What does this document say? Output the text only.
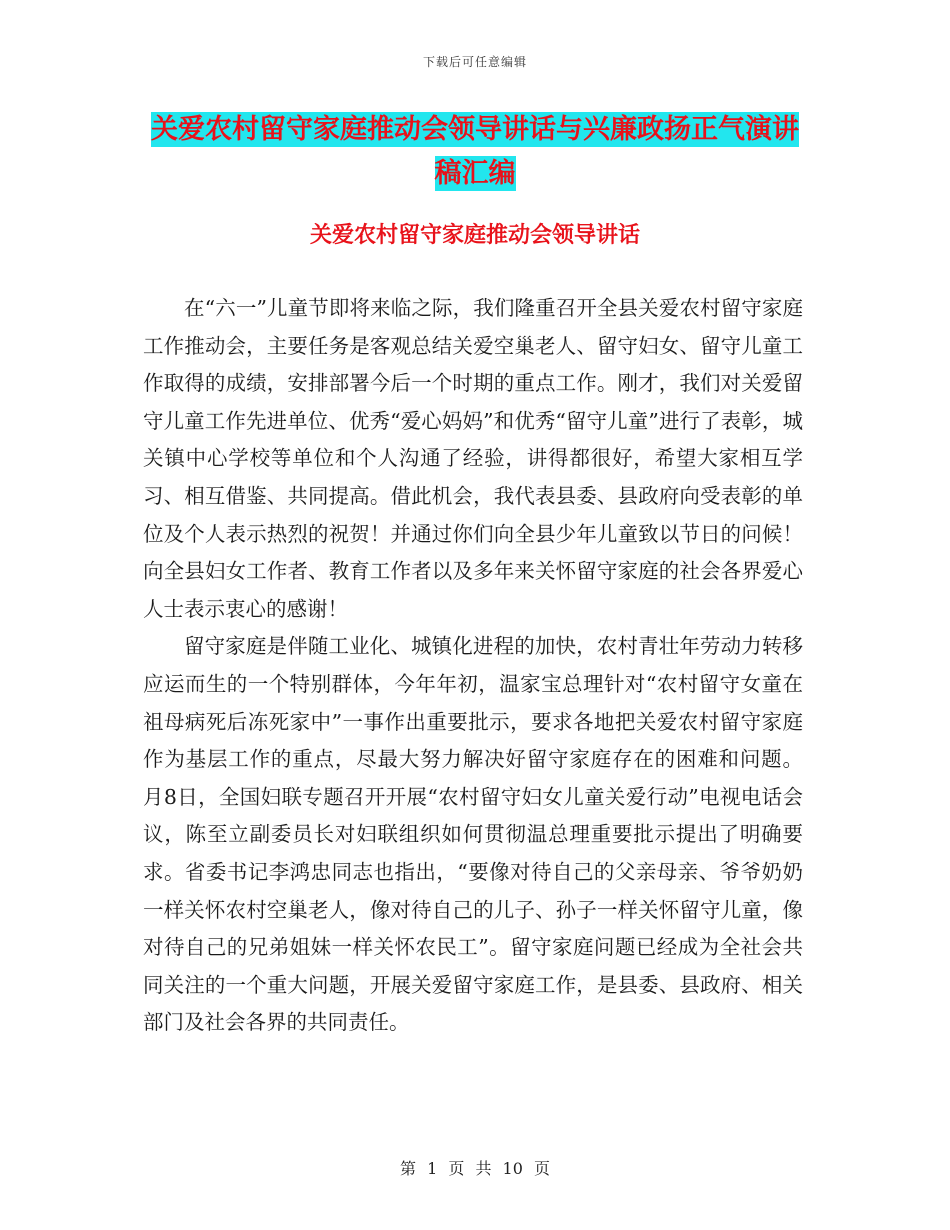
下载后可任意编辑
关爱农村留守家庭推动会领导讲话与兴廉政扬正气演讲稿汇编
关爱农村留守家庭推动会领导讲话

在“六一”儿童节即将来临之际，我们隆重召开全县关爱农村留守家庭工作推动会，主要任务是客观总结关爱空巢老人、留守妇女、留守儿童工作取得的成绩，安排部署今后一个时期的重点工作。刚才，我们对关爱留守儿童工作先进单位、优秀“爱心妈妈”和优秀“留守儿童”进行了表彰，城关镇中心学校等单位和个人沟通了经验，讲得都很好，希望大家相互学习、相互借鉴、共同提高。借此机会，我代表县委、县政府向受表彰的单位及个人表示热烈的祝贺！并通过你们向全县少年儿童致以节日的问候！向全县妇女工作者、教育工作者以及多年来关怀留守家庭的社会各界爱心人士表示衷心的感谢！

留守家庭是伴随工业化、城镇化进程的加快，农村青壮年劳动力转移应运而生的一个特别群体，今年年初，温家宝总理针对“农村留守女童在祖母病死后冻死家中”一事作出重要批示，要求各地把关爱农村留守家庭作为基层工作的重点，尽最大努力解决好留守家庭存在的困难和问题。 月8日，全国妇联专题召开开展“农村留守妇女儿童关爱行动”电视电话会议，陈至立副委员长对妇联组织如何贯彻温总理重要批示提出了明确要求。省委书记李鸿忠同志也指出，“要像对待自己的父亲母亲、爷爷奶奶一样关怀农村空巢老人，像对待自己的儿子、孙子一样关怀留守儿童，像对待自己的兄弟姐妹一样关怀农民工”。留守家庭问题已经成为全社会共同关注的一个重大问题，开展关爱留守家庭工作，是县委、县政府、相关部门及社会各界的共同责任。

第 1 页 共 10 页
